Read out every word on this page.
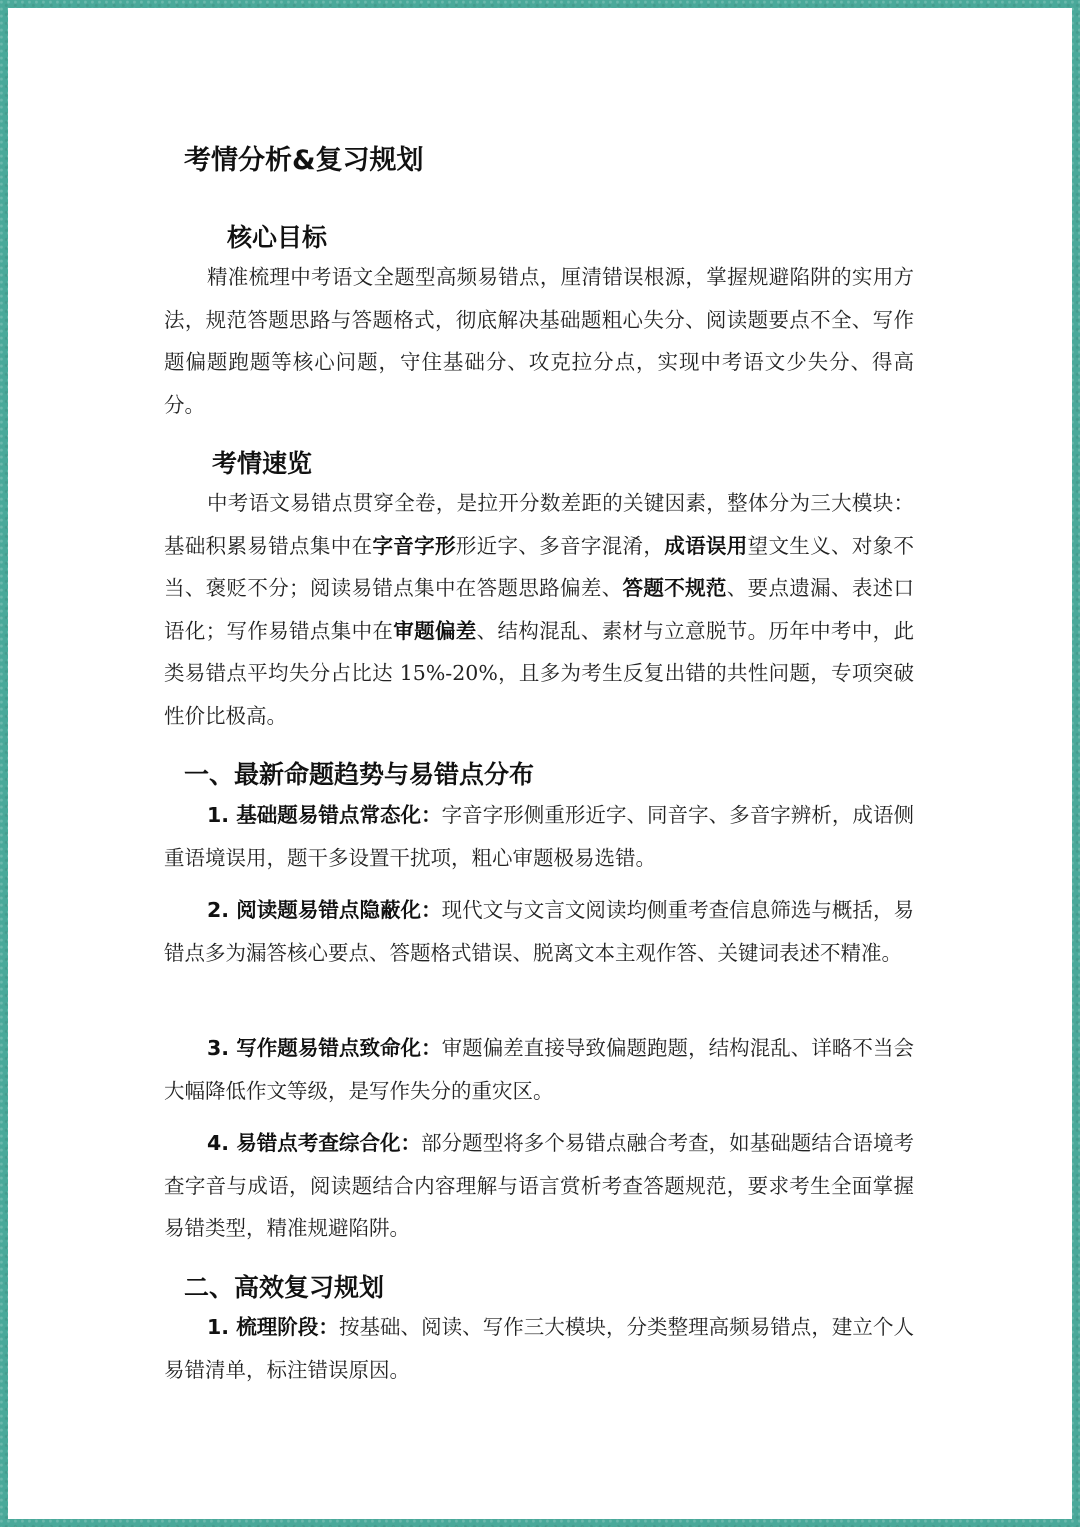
考情分析&复习规划
核心目标

精准梳理中考语文全题型高频易错点，厘清错误根源，掌握规避陷阱的实用方法，规范答题思路与答题格式，彻底解决基础题粗心失分、阅读题要点不全、写作题偏题跑题等核心问题，守住基础分、攻克拉分点，实现中考语文少失分、得高分。

考情速览

中考语文易错点贯穿全卷，是拉开分数差距的关键因素，整体分为三大模块：基础积累易错点集中在字音字形形近字、多音字混淆，成语误用望文生义、对象不当、褒贬不分；阅读易错点集中在答题思路偏差、答题不规范、要点遗漏、表述口语化；写作易错点集中在审题偏差、结构混乱、素材与立意脱节。历年中考中，此类易错点平均失分占比达 15%-20%，且多为考生反复出错的共性问题，专项突破性价比极高。

一、最新命题趋势与易错点分布

1. 基础题易错点常态化：字音字形侧重形近字、同音字、多音字辨析，成语侧重语境误用，题干多设置干扰项，粗心审题极易选错。

2. 阅读题易错点隐蔽化：现代文与文言文阅读均侧重考查信息筛选与概括，易错点多为漏答核心要点、答题格式错误、脱离文本主观作答、关键词表述不精准。

3. 写作题易错点致命化：审题偏差直接导致偏题跑题，结构混乱、详略不当会大幅降低作文等级，是写作失分的重灾区。

4. 易错点考查综合化：部分题型将多个易错点融合考查，如基础题结合语境考查字音与成语，阅读题结合内容理解与语言赏析考查答题规范，要求考生全面掌握易错类型，精准规避陷阱。

二、高效复习规划

1. 梳理阶段：按基础、阅读、写作三大模块，分类整理高频易错点，建立个人易错清单，标注错误原因。
